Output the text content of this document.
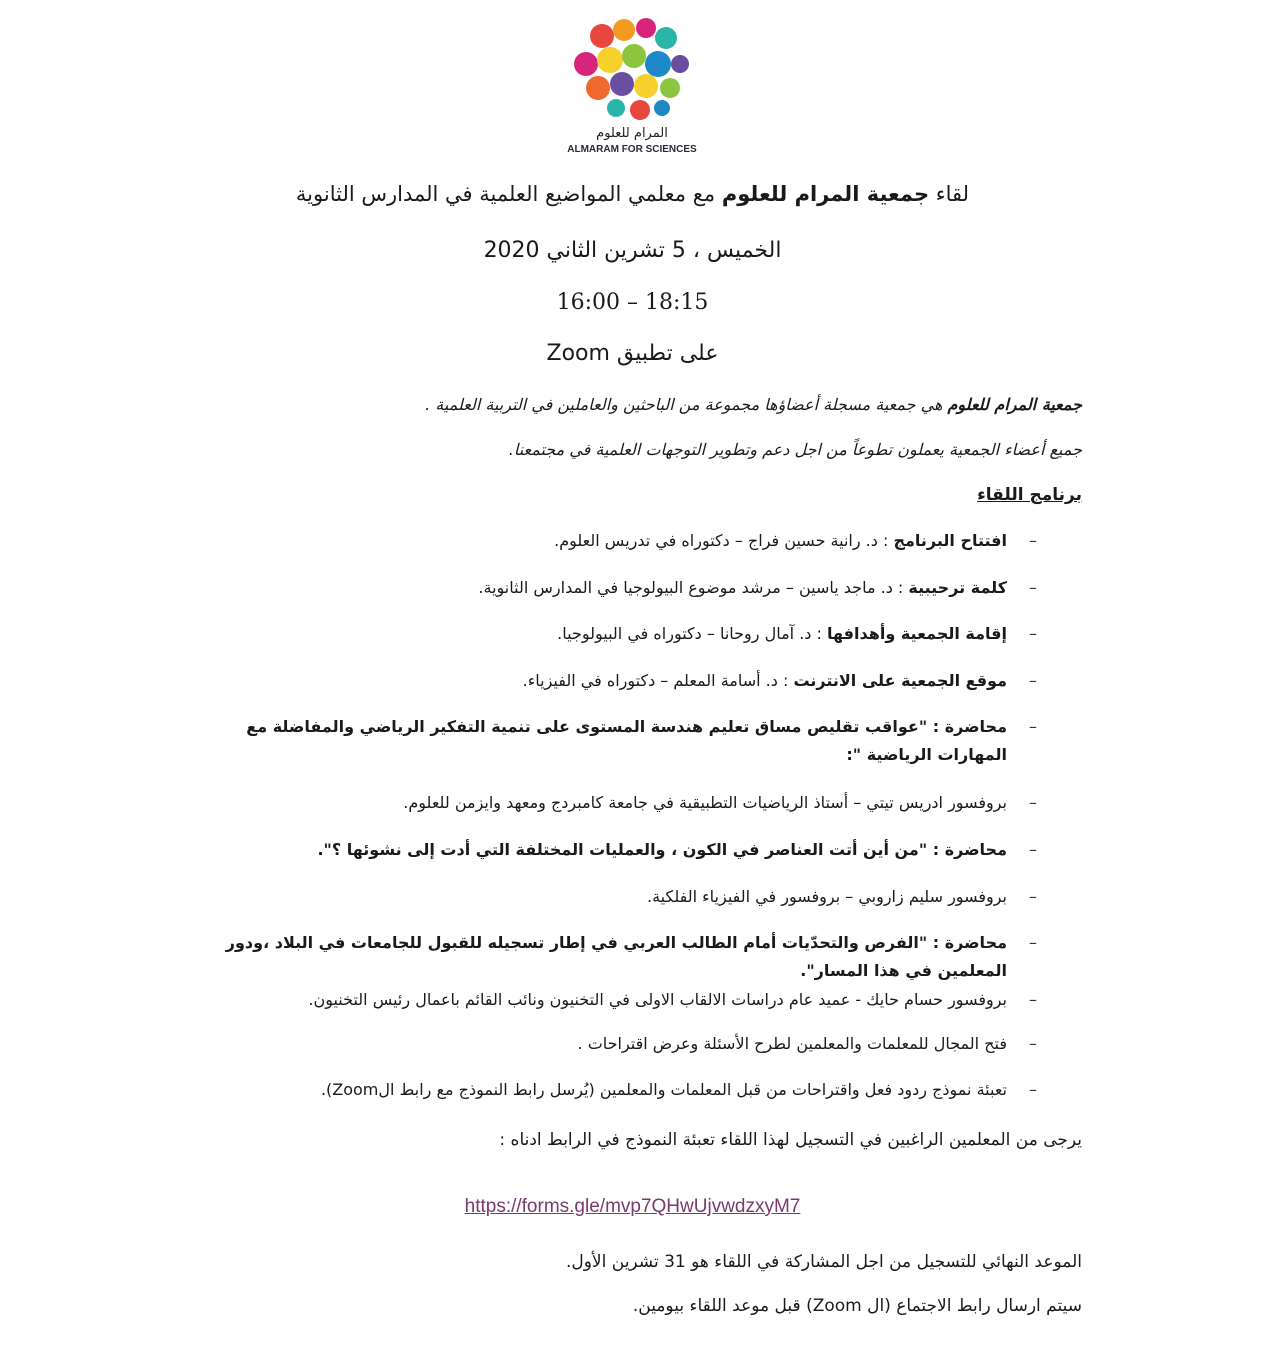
المرام للعلوم
ALMARAM FOR SCIENCES
لقاء جمعية المرام للعلوم مع معلمي المواضيع العلمية في المدارس الثانوية
الخميس ، 5 تشرين الثاني 2020
16:00 – 18:15
على تطبيق Zoom
جمعية المرام للعلوم هي جمعية مسجلة أعضاؤها مجموعة من الباحثين والعاملين في التربية العلمية .
جميع أعضاء الجمعية يعملون تطوعاً من اجل دعم وتطوير التوجهات العلمية في مجتمعنا.
برنامج اللقاء
–
افتتاح البرنامج : د. رانية حسين فراج – دكتوراه في تدريس العلوم.
–
كلمة ترحيبية : د. ماجد ياسين – مرشد موضوع البيولوجيا في المدارس الثانوية.
–
إقامة الجمعية وأهدافها : د. آمال روحانا – دكتوراه في البيولوجيا.
–
موقع الجمعية على الانترنت : د. أسامة المعلم – دكتوراه في الفيزياء.
–
محاضرة : "عواقب تقليص مساق تعليم هندسة المستوى على تنمية التفكير الرياضي والمفاضلة مع المهارات الرياضية ":
–
بروفسور ادريس تيتي – أستاذ الرياضيات التطبيقية في جامعة كامبردج ومعهد وايزمن للعلوم.
–
محاضرة : "من أين أتت العناصر في الكون ، والعمليات المختلفة التي أدت إلى نشوئها ؟".
–
بروفسور سليم زاروبي – بروفسور في الفيزياء الفلكية.
–
محاضرة : "الفرص والتحدّيات أمام الطالب العربي في إطار تسجيله للقبول للجامعات في البلاد ،ودور المعلمين في هذا المسار".
–
بروفسور حسام حايك - عميد عام دراسات الالقاب الاولى في التخنيون ونائب القائم باعمال رئيس التخنيون.
–
فتح المجال للمعلمات والمعلمين لطرح الأسئلة وعرض اقتراحات .
–
تعبئة نموذج ردود فعل واقتراحات من قبل المعلمات والمعلمين (يُرسل رابط النموذج مع رابط الZoom).
يرجى من المعلمين الراغبين في التسجيل لهذا اللقاء تعبئة النموذج في الرابط ادناه :
https://forms.gle/mvp7QHwUjvwdzxyM7
الموعد النهائي للتسجيل من اجل المشاركة في اللقاء هو 31 تشرين الأول.
سيتم ارسال رابط الاجتماع (ال Zoom) قبل موعد اللقاء بيومين.
